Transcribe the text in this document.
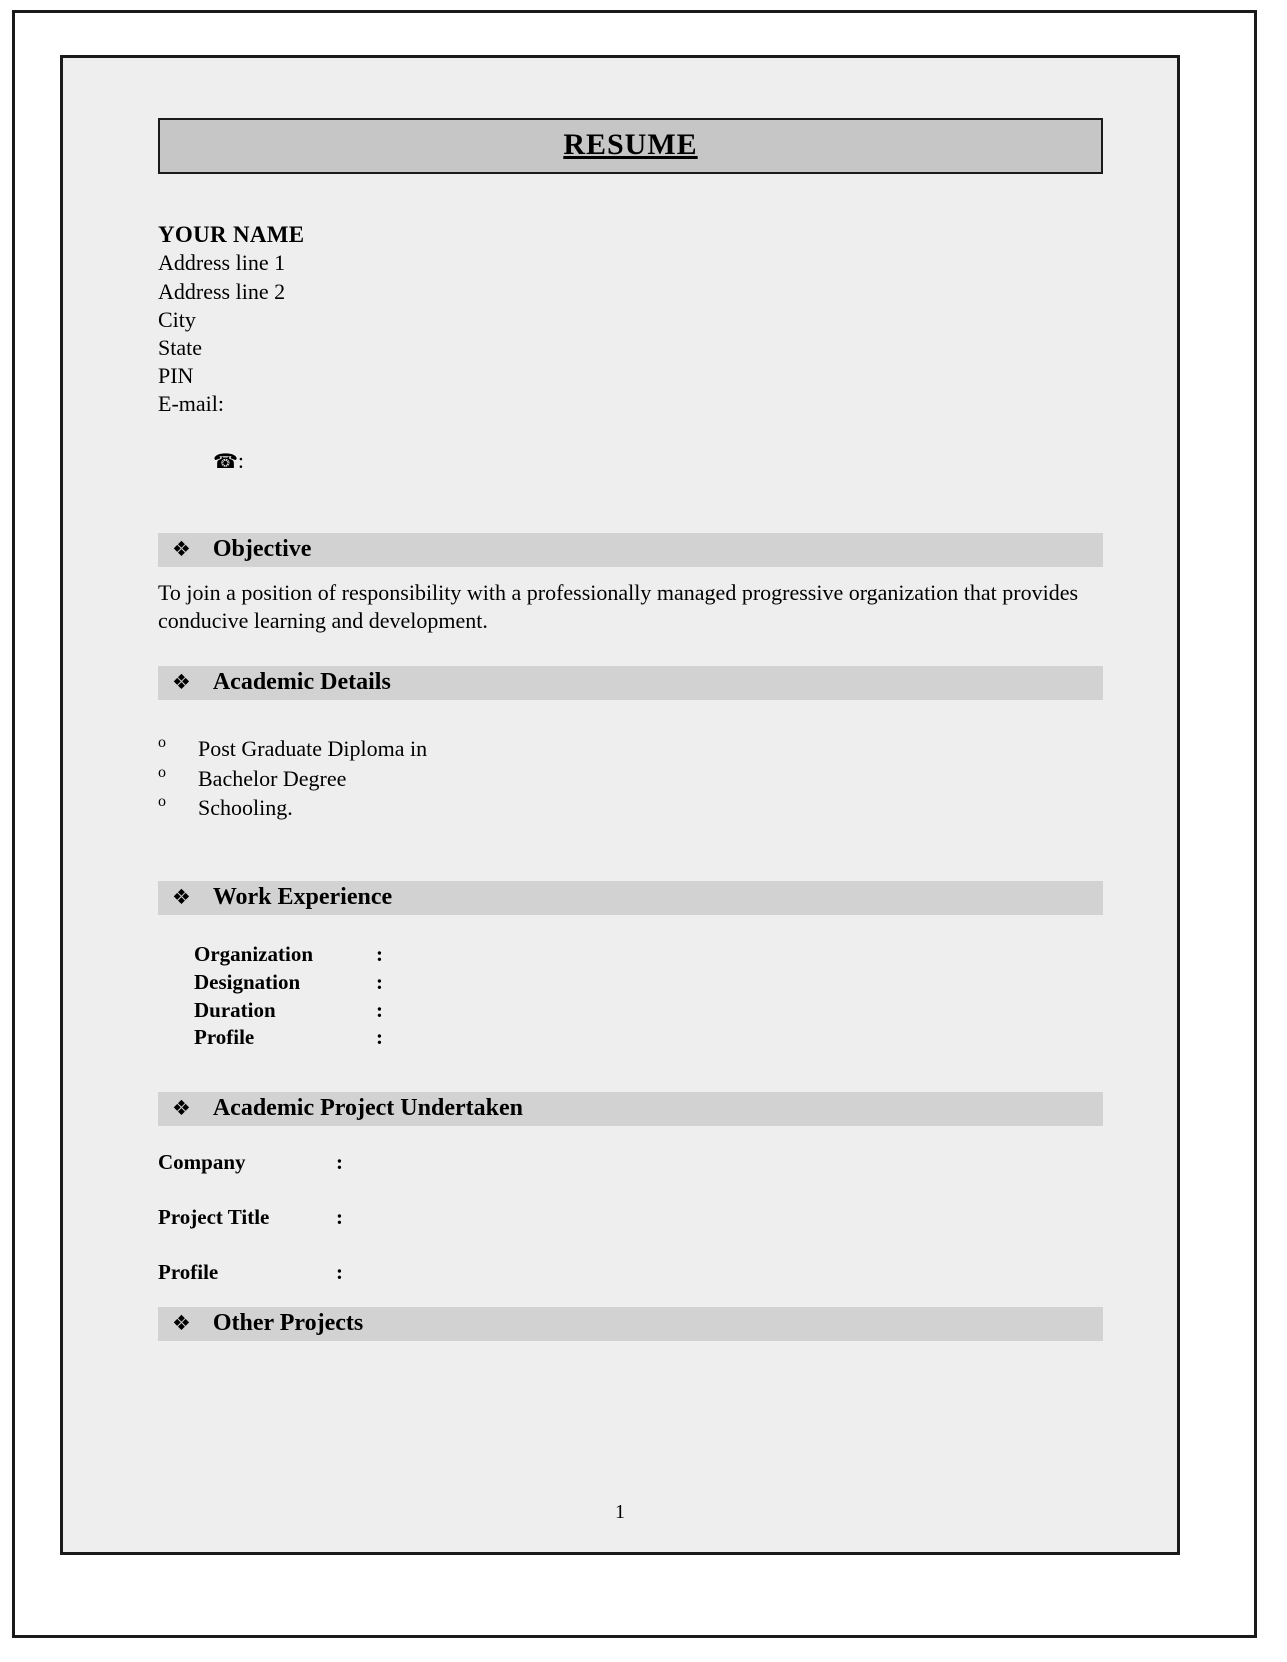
RESUME
YOUR NAME
Address line 1
Address line 2
City
State
PIN
E-mail:

☎:

❖ Objective
To join a position of responsibility with a professionally managed progressive organization that provides conducive learning and development.
❖ Academic Details
o Post Graduate Diploma in
o Bachelor Degree
o Schooling.
❖ Work Experience
Organization	:
Designation	:
Duration	:
Profile	:
❖ Academic Project Undertaken
Company	:
Project Title	:
Profile	:
❖ Other Projects
1
